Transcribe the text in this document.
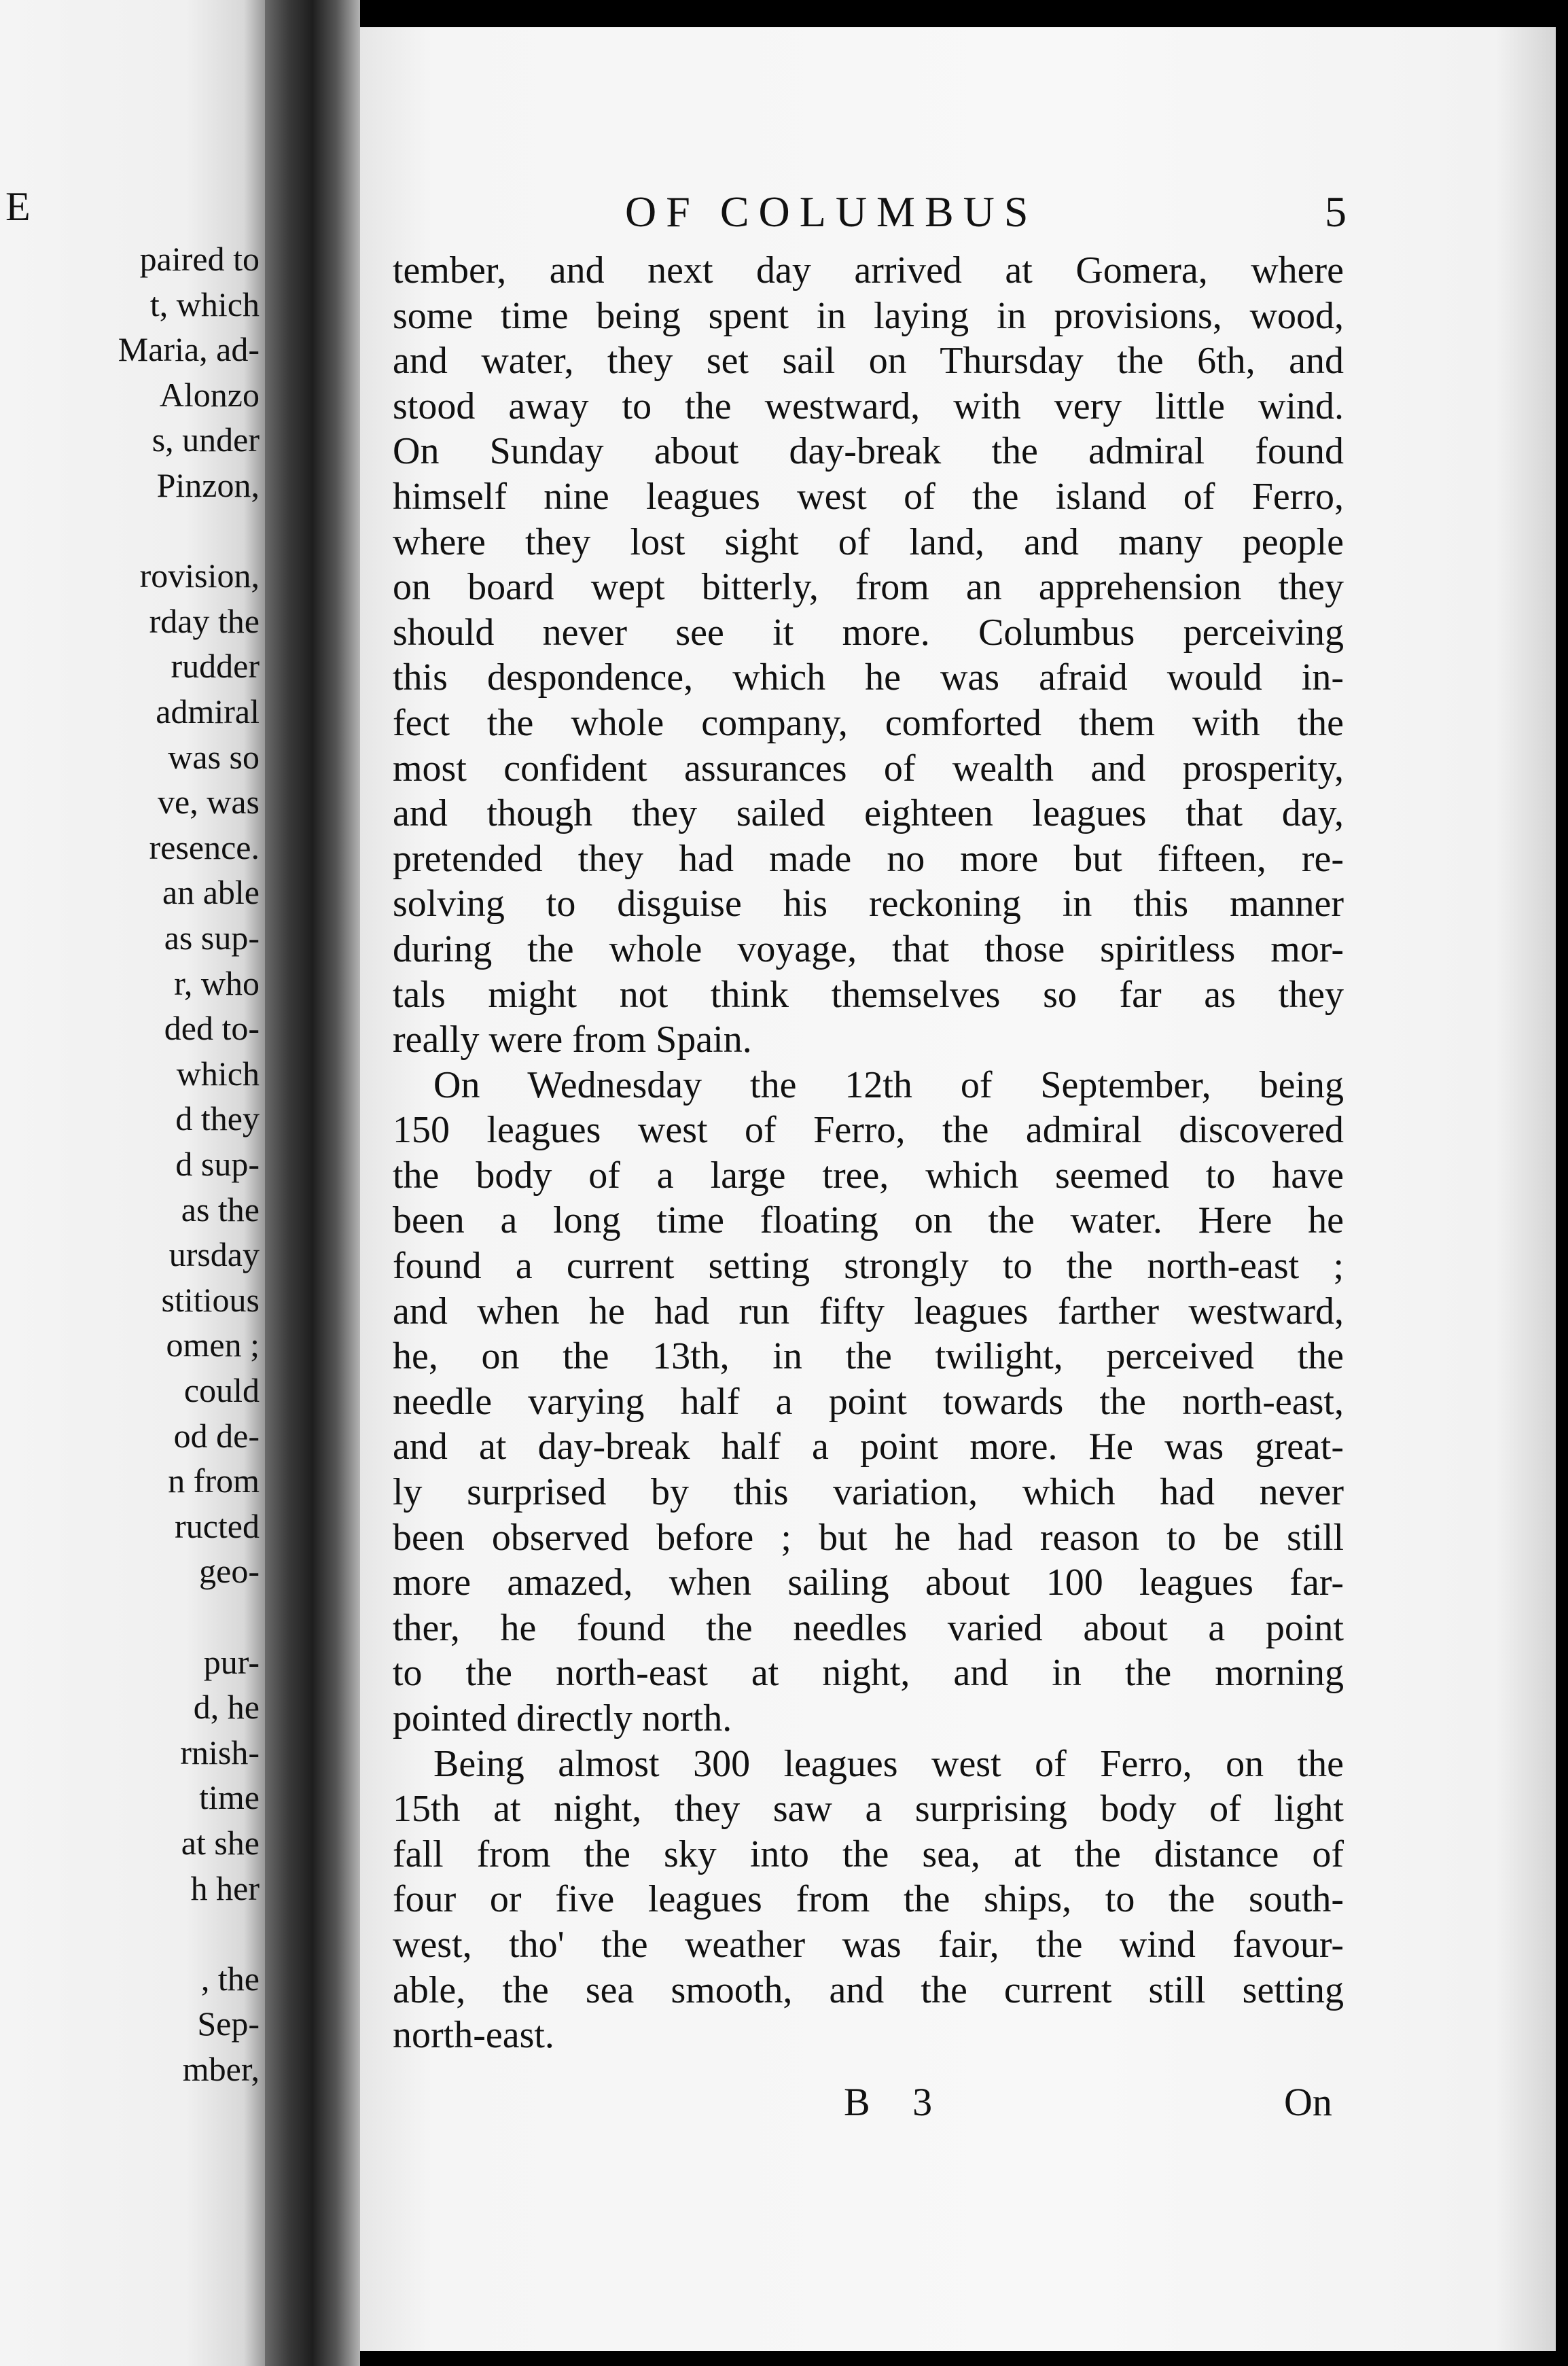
E
paired to
t, which
Maria, ad-
Alonzo
s, under
Pinzon,
rovision,
rday the
rudder
admiral
was so
ve, was
resence.
an able
as sup-
r, who
ded to-
which
d they
d sup-
as the
ursday
stitious
omen ;
could
od de-
n from
ructed
geo-
pur-
d, he
rnish-
time
at she
h her
, the
Sep-
mber,
OF COLUMBUS	5
tember, and next day arrived at Gomera, where
some time being spent in laying in provisions, wood,
and water, they set sail on Thursday the 6th, and
stood away to the westward, with very little wind.
On Sunday about day-break the admiral found
himself nine leagues west of the island of Ferro,
where they lost sight of land, and many people
on board wept bitterly, from an apprehension they
should never see it more. Columbus perceiving
this despondence, which he was afraid would in-
fect the whole company, comforted them with the
most confident assurances of wealth and prosperity,
and though they sailed eighteen leagues that day,
pretended they had made no more but fifteen, re-
solving to disguise his reckoning in this manner
during the whole voyage, that those spiritless mor-
tals might not think themselves so far as they
really were from Spain.
On Wednesday the 12th of September, being
150 leagues west of Ferro, the admiral discovered
the body of a large tree, which seemed to have
been a long time floating on the water. Here he
found a current setting strongly to the north-east ;
and when he had run fifty leagues farther westward,
he, on the 13th, in the twilight, perceived the
needle varying half a point towards the north-east,
and at day-break half a point more. He was great-
ly surprised by this variation, which had never
been observed before ; but he had reason to be still
more amazed, when sailing about 100 leagues far-
ther, he found the needles varied about a point
to the north-east at night, and in the morning
pointed directly north.
Being almost 300 leagues west of Ferro, on the
15th at night, they saw a surprising body of light
fall from the sky into the sea, at the distance of
four or five leagues from the ships, to the south-
west, tho' the weather was fair, the wind favour-
able, the sea smooth, and the current still setting
north-east.
B 3	On
